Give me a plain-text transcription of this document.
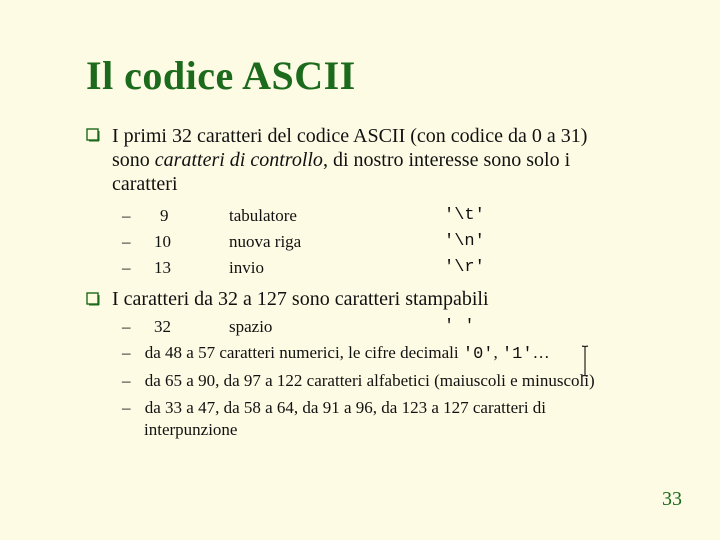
Il codice ASCII
I primi 32 caratteri del codice ASCII (con codice da 0 a 31)
sono caratteri di controllo, di nostro interesse sono solo i
caratteri
– 9	tabulatore	'\t'
– 10	nuova riga	'\n'
– 13	invio	'\r'
I caratteri da 32 a 127 sono caratteri stampabili
– 32	spazio	' '
– da 48 a 57 caratteri numerici, le cifre decimali '0', '1'…
– da 65 a 90, da 97 a 122 caratteri alfabetici (maiuscoli e minuscoli)
– da 33 a 47, da 58 a 64, da 91 a 96, da 123 a 127 caratteri di
interpunzione
33
